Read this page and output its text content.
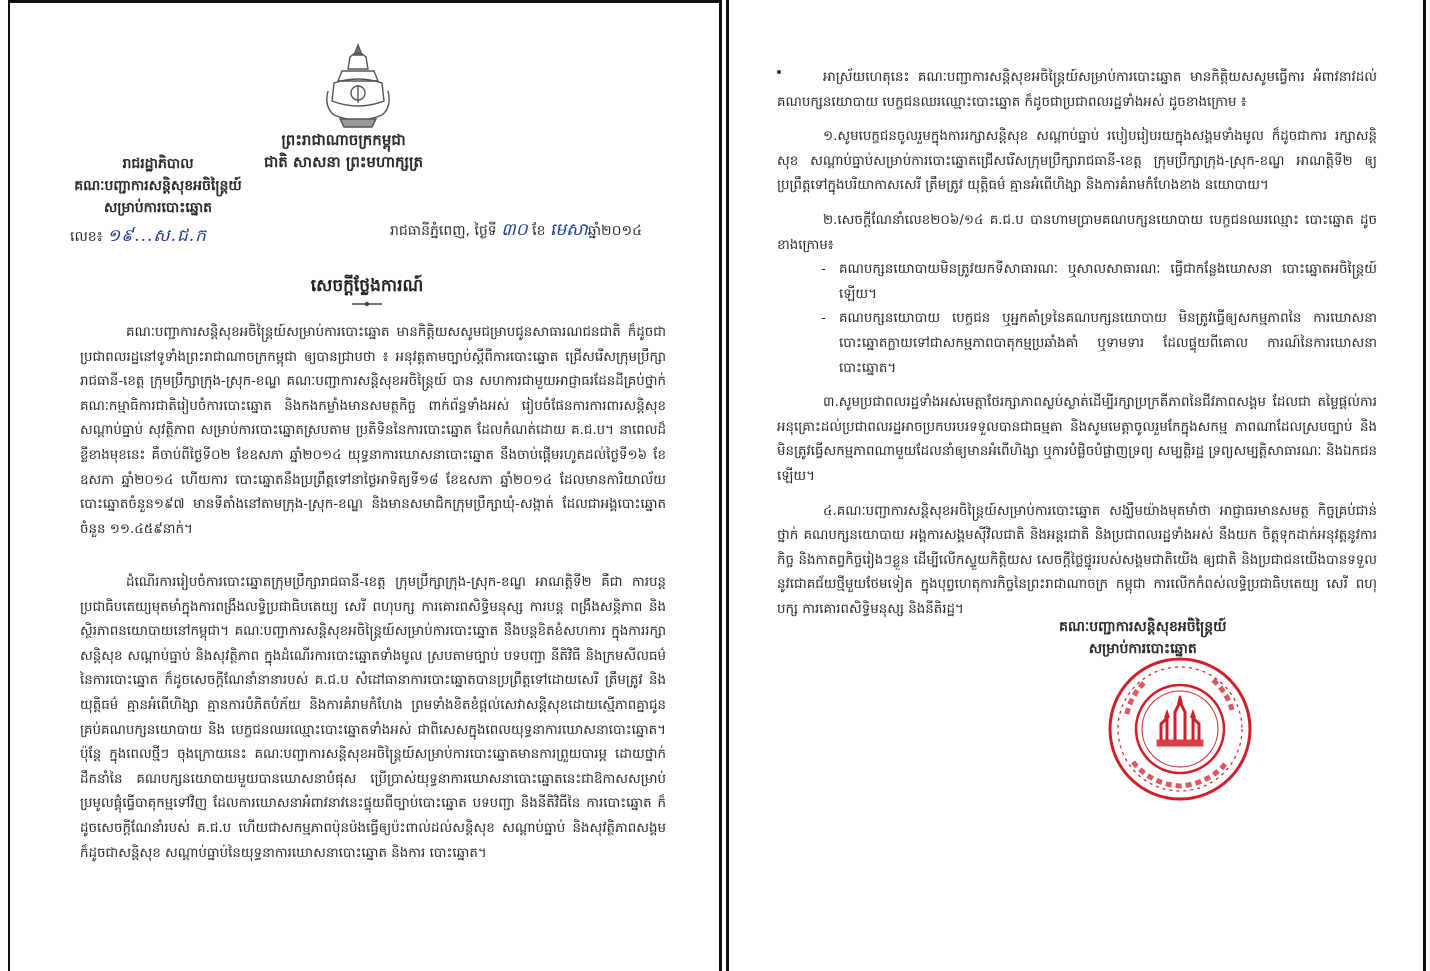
ព្រះរាជាណាចក្រកម្ពុជា
ជាតិ សាសនា ព្រះមហាក្សត្រ
រាជរដ្ឋាភិបាល
គណៈបញ្ជាការសន្តិសុខអចិន្ត្រៃយ៍
សម្រាប់ការបោះឆ្នោត
លេខ៖ ១៩...ស.ជ.ក	រាជធានីភ្នំពេញ, ថ្ងៃទី ៣០ ខែ មេសាឆ្នាំ២០១៤
សេចក្ដីថ្លែងការណ៍
គណៈបញ្ជាការសន្តិសុខអចិន្ត្រៃយ៍សម្រាប់ការបោះឆ្នោត មានកិត្តិយសសូមជម្រាបជូនសាធារណជនជាតិ ក៏ដូចជាប្រជាពលរដ្ឋនៅទូទាំងព្រះរាជាណាចក្រកម្ពុជា ឲ្យបានជ្រាបថា ៖ អនុវត្តតាមច្បាប់ស្ដីពីការបោះឆ្នោត ជ្រើសរើសក្រុមប្រឹក្សារាជធានី-ខេត្ត ក្រុមប្រឹក្សាក្រុង-ស្រុក-ខណ្ឌ គណៈបញ្ជាការសន្តិសុខអចិន្ត្រៃយ៍ បាន សហការជាមួយអាជ្ញាធរដែនដីគ្រប់ថ្នាក់ គណៈកម្មាធិការជាតិរៀបចំការបោះឆ្នោត និងកងកម្លាំងមានសមត្ថកិច្ច ពាក់ព័ន្ធទាំងអស់ រៀបចំផែនការការពារសន្តិសុខ សណ្ដាប់ធ្នាប់ សុវត្ថិភាព សម្រាប់ការបោះឆ្នោតស្របតាម ប្រតិទិននៃការបោះឆ្នោត ដែលកំណត់ដោយ គ.ជ.ប។ នាពេលដ៏ខ្លីខាងមុខនេះ គឺចាប់ពីថ្ងៃទី០២ ខែឧសភា ឆ្នាំ២០១៤ យុទ្ធនាការឃោសនាបោះឆ្នោត នឹងចាប់ផ្ដើមរហូតដល់ថ្ងៃទី១៦ ខែឧសភា ឆ្នាំ២០១៤ ហើយការ បោះឆ្នោតនឹងប្រព្រឹត្តទៅនាថ្ងៃអាទិត្យទី១៨ ខែឧសភា ឆ្នាំ២០១៤ ដែលមានការិយាល័យបោះឆ្នោតចំនួន១៩៧ មានទីតាំងនៅតាមក្រុង-ស្រុក-ខណ្ឌ និងមានសមាជិកក្រុមប្រឹក្សាឃុំ-សង្កាត់ ដែលជាអង្គបោះឆ្នោតចំនួន ១១.៤៥៩នាក់។
ដំណើរការរៀបចំការបោះឆ្នោតក្រុមប្រឹក្សារាជធានី-ខេត្ត ក្រុមប្រឹក្សាក្រុង-ស្រុក-ខណ្ឌ អាណត្តិទី២ គឺជា ការបន្តប្រជាធិបតេយ្យមុតមាំក្នុងការពង្រឹងលទ្ធិប្រជាធិបតេយ្យ សេរី ពហុបក្ស ការគោរពសិទ្ធិមនុស្ស ការបន្ត ពង្រឹងសន្តិភាព និងស្ថិរភាពនយោបាយនៅកម្ពុជា។ គណៈបញ្ជាការសន្តិសុខអចិន្ត្រៃយ៍សម្រាប់ការបោះឆ្នោត នឹងបន្តខិតខំសហការ ក្នុងការរក្សាសន្តិសុខ សណ្ដាប់ធ្នាប់ និងសុវត្ថិភាព ក្នុងដំណើរការបោះឆ្នោតទាំងមូល ស្របតាមច្បាប់ បទបញ្ជា នីតិវិធី និងក្រមសីលធម៌នៃការបោះឆ្នោត ក៏ដូចសេចក្ដីណែនាំនានារបស់ គ.ជ.ប សំដៅធានាការបោះឆ្នោតបានប្រព្រឹត្តទៅដោយសេរី ត្រឹមត្រូវ និងយុត្តិធម៌ គ្មានអំពើហិង្សា គ្មានការបំភិតបំភ័យ និងការគំរាមកំហែង ព្រមទាំងខិតខំផ្ដល់សេវាសន្តិសុខដោយស្មើភាពគ្នាជូនគ្រប់គណបក្សនយោបាយ និង បេក្ខជនឈរឈ្មោះបោះឆ្នោតទាំងអស់ ជាពិសេសក្នុងពេលយុទ្ធនាការឃោសនាបោះឆ្នោត។ ប៉ុន្តែ ក្នុងពេលថ្មីៗ ចុងក្រោយនេះ គណៈបញ្ជាការសន្តិសុខអចិន្ត្រៃយ៍សម្រាប់ការបោះឆ្នោតមានការព្រួយបារម្ភ ដោយថ្នាក់ដឹកនាំនៃ គណបក្សនយោបាយមួយបានឃោសនាបំផុស ប្រើប្រាស់យុទ្ធនាការឃោសនាបោះឆ្នោតនេះជាឱកាសសម្រាប់ ប្រមូលផ្ដុំធ្វើបាតុកម្មទៅវិញ ដែលការឃោសនាអំពាវនាវនេះផ្ទុយពីច្បាប់បោះឆ្នោត បទបញ្ជា និងនីតិវិធីនៃ ការបោះឆ្នោត ក៏ដូចសេចក្ដីណែនាំរបស់ គ.ជ.ប ហើយជាសកម្មភាពប៉ុនប៉ងធ្វើឲ្យប៉ះពាល់ដល់សន្តិសុខ សណ្ដាប់ធ្នាប់ និងសុវត្ថិភាពសង្គម ក៏ដូចជាសន្តិសុខ សណ្ដាប់ធ្នាប់នៃយុទ្ធនាការឃោសនាបោះឆ្នោត និងការ បោះឆ្នោត។

អាស្រ័យហេតុនេះ គណៈបញ្ជាការសន្តិសុខអចិន្ត្រៃយ៍សម្រាប់ការបោះឆ្នោត មានកិត្តិយសសូមធ្វើការ អំពាវនាវដល់គណបក្សនយោបាយ បេក្ខជនឈរឈ្មោះបោះឆ្នោត ក៏ដូចជាប្រជាពលរដ្ឋទាំងអស់ ដូចខាងក្រោម ៖

១.សូមបេក្ខជនចូលរួមក្នុងការរក្សាសន្តិសុខ សណ្ដាប់ធ្នាប់ របៀបរៀបរយក្នុងសង្គមទាំងមូល ក៏ដូចជាការ រក្សាសន្តិសុខ សណ្ដាប់ធ្នាប់សម្រាប់ការបោះឆ្នោតជ្រើសរើសក្រុមប្រឹក្សារាជធានី-ខេត្ត ក្រុមប្រឹក្សាក្រុង-ស្រុក-ខណ្ឌ អាណត្តិទី២ ឲ្យប្រព្រឹត្តទៅក្នុងបរិយាកាសសេរី ត្រឹមត្រូវ យុត្តិធម៌ គ្មានអំពើហិង្សា និងការគំរាមកំហែងខាង នយោបាយ។

២.សេចក្ដីណែនាំលេខ២០៦/១៤ គ.ជ.ប បានហាមប្រាមគណបក្សនយោបាយ បេក្ខជនឈរឈ្មោះ បោះឆ្នោត ដូចខាងក្រោម៖

- គណបក្សនយោបាយមិនត្រូវយកទីសាធារណៈ ឬសាលសាធារណៈ ធ្វើជាកន្លែងឃោសនា បោះឆ្នោតអចិន្ត្រៃយ៍ឡើយ។

- គណបក្សនយោបាយ បេក្ខជន ឬអ្នកគាំទ្រនៃគណបក្សនយោបាយ មិនត្រូវធ្វើឲ្យសកម្មភាពនៃ ការឃោសនាបោះឆ្នោតក្លាយទៅជាសកម្មភាពបាតុកម្មប្រឆាំងគាំ ឬទាមទារ ដែលផ្ទុយពីគោល ការណ៍នៃការឃោសនាបោះឆ្នោត។

៣.សូមប្រជាពលរដ្ឋទាំងអស់មេត្តាថែរក្សាភាពស្ងប់ស្ងាត់ដើម្បីរក្សាប្រក្រតីភាពនៃជីវភាពសង្គម ដែលជា តម្លៃផ្ដល់ការអនុគ្រោះដល់ប្រជាពលរដ្ឋអាចប្រកបរបរទទួលបានជាធម្មតា និងសូមមេត្តាចូលរួមកែក្នុងសកម្ម ភាពណាដែលស្របច្បាប់ និងមិនត្រូវធ្វើសកម្មភាពណាមួយដែលនាំឲ្យមានអំពើហិង្សា ឬការបំផ្លិចបំផ្លាញទ្រព្យ សម្បត្តិរដ្ឋ ទ្រព្យសម្បត្តិសាធារណៈ និងឯកជនឡើយ។

៤.គណៈបញ្ជាការសន្តិសុខអចិន្ត្រៃយ៍សម្រាប់ការបោះឆ្នោត សង្ឃឹមយ៉ាងមុតមាំថា អាជ្ញាធរមានសមត្ថ កិច្ចគ្រប់ជាន់ថ្នាក់ គណបក្សនយោបាយ អង្គការសង្គមស៊ីវិលជាតិ និងអន្តរជាតិ និងប្រជាពលរដ្ឋទាំងអស់ នឹងយក ចិត្តទុកដាក់អនុវត្តនូវការកិច្ច និងកាតព្វកិច្ចរៀងៗខ្លួន ដើម្បីលើកស្ទួយកិត្តិយស សេចក្ដីថ្លៃថ្នូររបស់សង្គមជាតិយើង ឲ្យជាតិ និងប្រជាជនយើងបានទទួលនូវជោគជ័យថ្មីមួយថែមទៀត ក្នុងបុព្វហេតុការកិច្ចនៃព្រះរាជាណាចក្រ កម្ពុជា ការលើកកំពស់លទ្ធិប្រជាធិបតេយ្យ សេរី ពហុបក្ស ការគោរពសិទ្ធិមនុស្ស និងនីតិរដ្ឋ។

គណៈបញ្ជាការសន្តិសុខអចិន្ត្រៃយ៍
សម្រាប់ការបោះឆ្នោត
